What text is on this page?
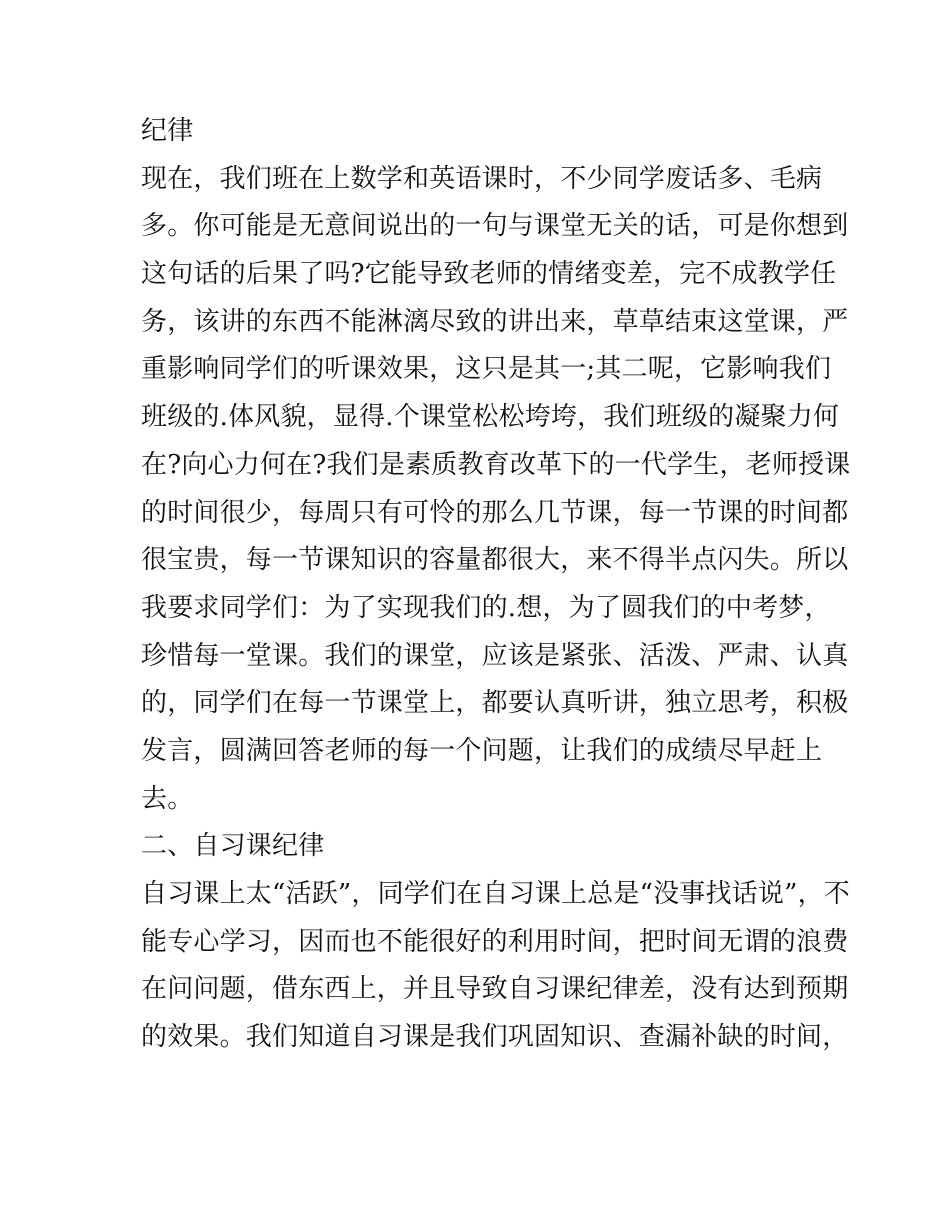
纪律
现在，我们班在上数学和英语课时，不少同学废话多、毛病
多。你可能是无意间说出的一句与课堂无关的话，可是你想到
这句话的后果了吗?它能导致老师的情绪变差，完不成教学任
务，该讲的东西不能淋漓尽致的讲出来，草草结束这堂课，严
重影响同学们的听课效果，这只是其一;其二呢，它影响我们
班级的.体风貌，显得.个课堂松松垮垮，我们班级的凝聚力何
在?向心力何在?我们是素质教育改革下的一代学生，老师授课
的时间很少，每周只有可怜的那么几节课，每一节课的时间都
很宝贵，每一节课知识的容量都很大，来不得半点闪失。所以
我要求同学们：为了实现我们的.想，为了圆我们的中考梦，
珍惜每一堂课。我们的课堂，应该是紧张、活泼、严肃、认真
的，同学们在每一节课堂上，都要认真听讲，独立思考，积极
发言，圆满回答老师的每一个问题，让我们的成绩尽早赶上
去。
二、自习课纪律
自习课上太“活跃”，同学们在自习课上总是“没事找话说”，不
能专心学习，因而也不能很好的利用时间，把时间无谓的浪费
在问问题，借东西上，并且导致自习课纪律差，没有达到预期
的效果。我们知道自习课是我们巩固知识、查漏补缺的时间，
